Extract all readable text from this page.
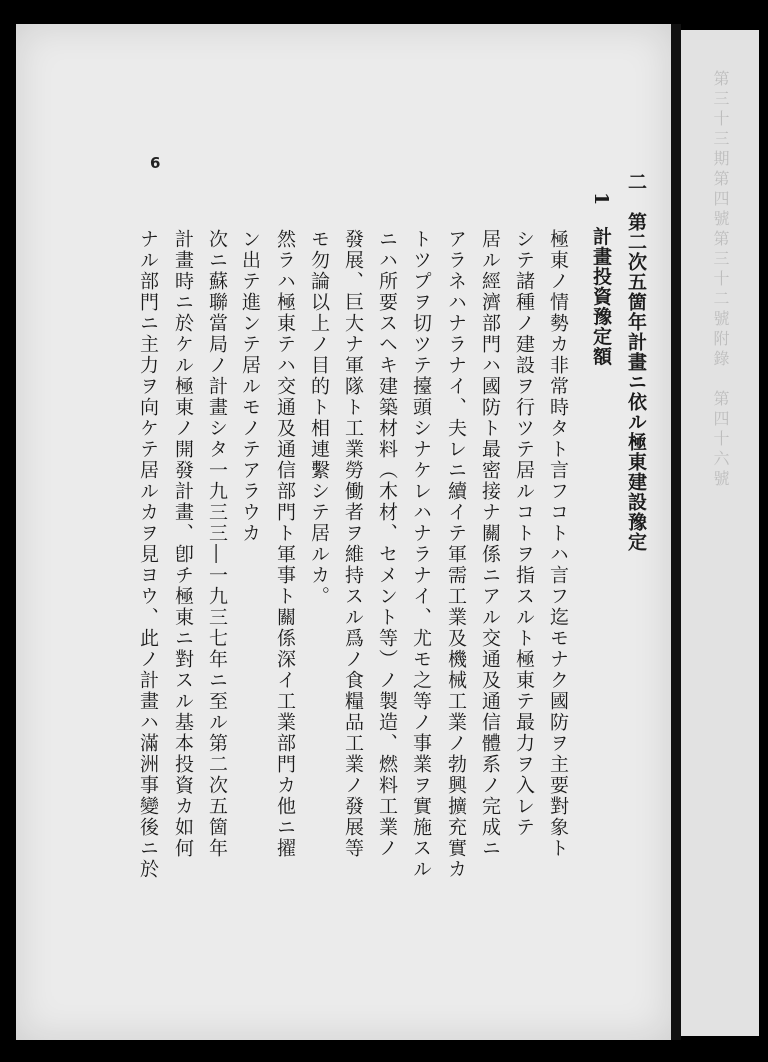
6
二　第二次五箇年計畫ニ依ル極東建設豫定
1　計畫投資豫定額
極東ノ情勢カ非常時タト言フコトハ言フ迄モナク國防ヲ主要對象ト
シテ諸種ノ建設ヲ行ツテ居ルコトヲ指スルト極東テ最力ヲ入レテ
居ル經濟部門ハ國防ト最密接ナ關係ニアル交通及通信體系ノ完成ニ
アラネハナラナイ、夫レニ續イテ軍需工業及機械工業ノ勃興擴充實カ
トツプヲ切ツテ擡頭シナケレハナラナイ、尤モ之等ノ事業ヲ實施スル
ニハ所要スヘキ建築材料（木材、セメント等）ノ製造、燃料工業ノ
發展、巨大ナ軍隊ト工業勞働者ヲ維持スル爲ノ食糧品工業ノ發展等
モ勿論以上ノ目的ト相連繫シテ居ルカ。
然ラハ極東テハ交通及通信部門ト軍事ト關係深イ工業部門カ他ニ擢
ン出テ進ンテ居ルモノテアラウカ
次ニ蘇聯當局ノ計畫シタ一九三三―一九三七年ニ至ル第二次五箇年
計畫時ニ於ケル極東ノ開發計畫、卽チ極東ニ對スル基本投資カ如何
ナル部門ニ主力ヲ向ケテ居ルカヲ見ヨウ、此ノ計畫ハ滿洲事變後ニ於	第三十三期第四號第三十二號附錄　第四十六號
